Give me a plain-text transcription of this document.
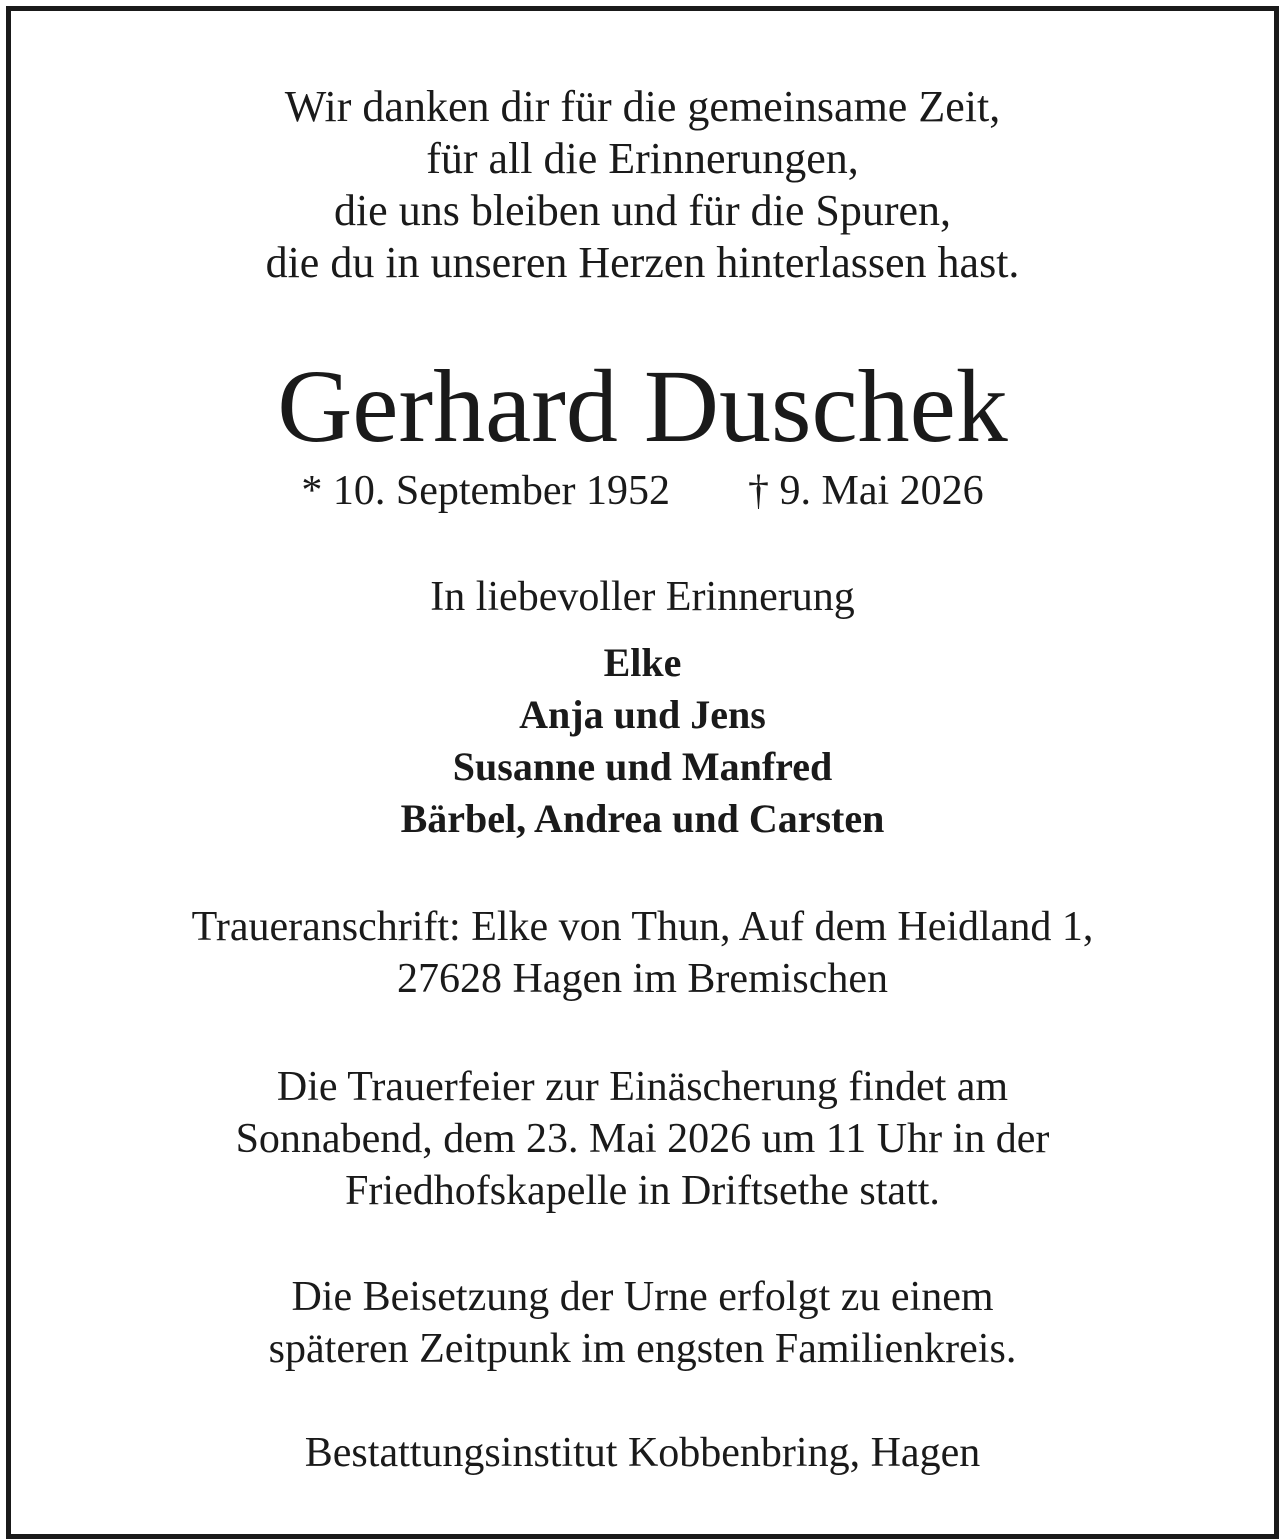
Wir danken dir für die gemeinsame Zeit,
für all die Erinnerungen,
die uns bleiben und für die Spuren,
die du in unseren Herzen hinterlassen hast.
Gerhard Duschek
* 10. September 1952 † 9. Mai 2026
In liebevoller Erinnerung
Elke
Anja und Jens
Susanne und Manfred
Bärbel, Andrea und Carsten
Traueranschrift: Elke von Thun, Auf dem Heidland 1,
27628 Hagen im Bremischen
Die Trauerfeier zur Einäscherung findet am
Sonnabend, dem 23. Mai 2026 um 11 Uhr in der
Friedhofskapelle in Driftsethe statt.
Die Beisetzung der Urne erfolgt zu einem
späteren Zeitpunk im engsten Familienkreis.
Bestattungsinstitut Kobbenbring, Hagen
